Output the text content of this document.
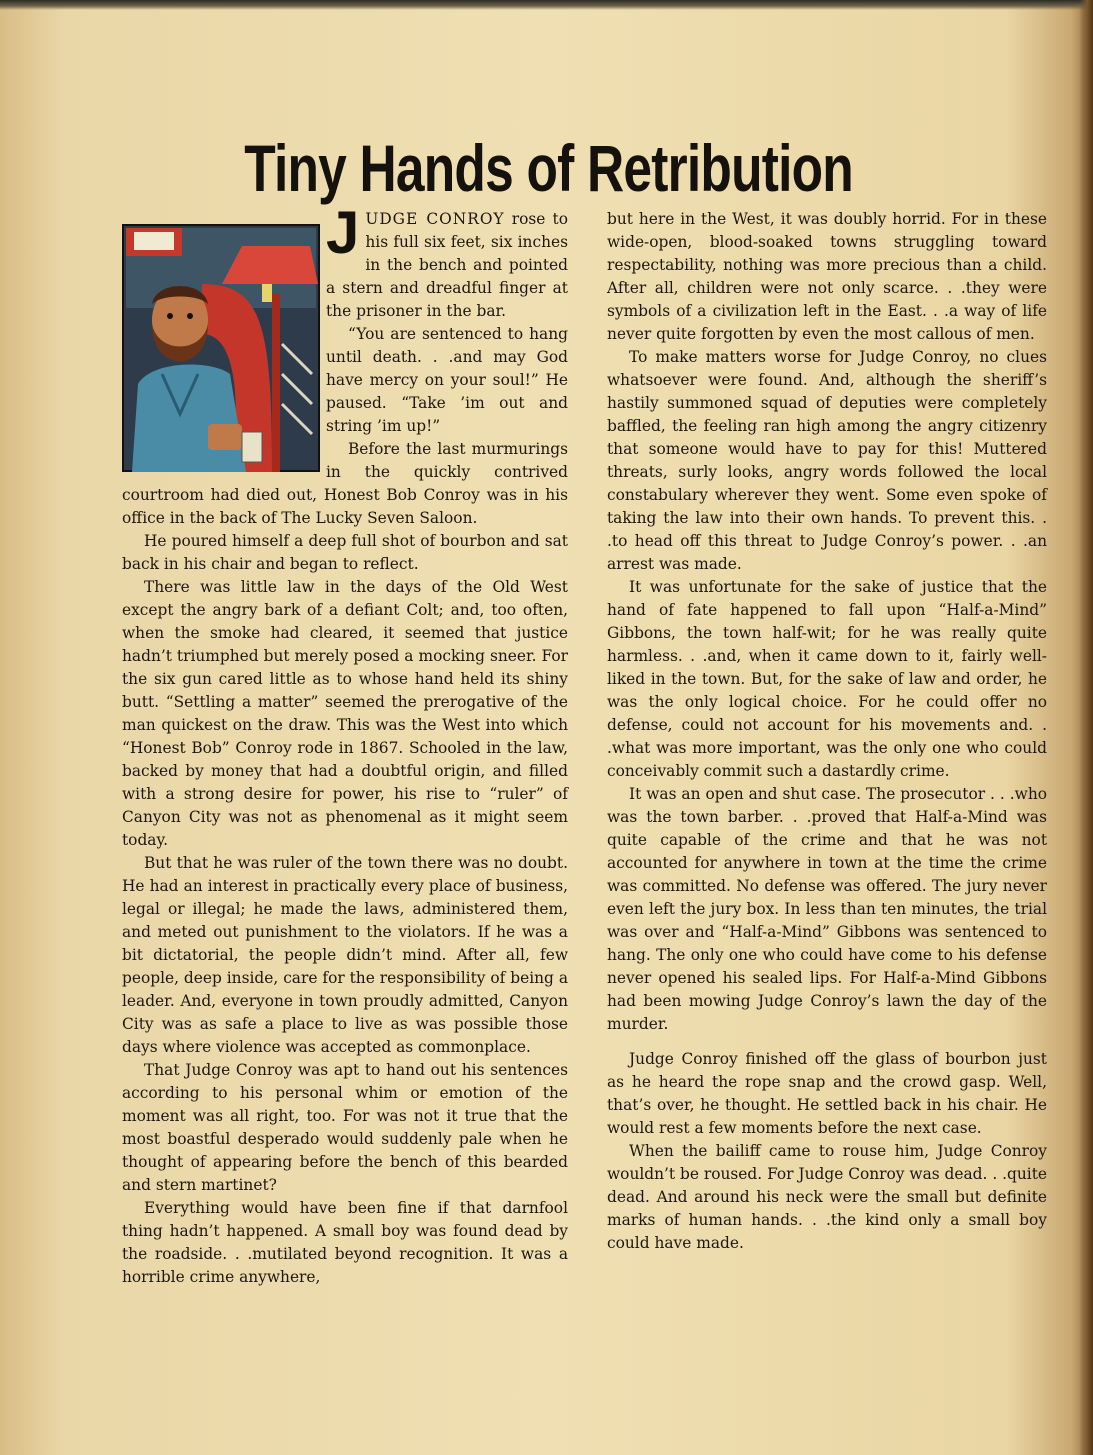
Tiny Hands of Retribution

JUDGE CONROY rose to his full six feet, six inches in the bench and pointed a stern and dreadful finger at the prisoner in the bar.

“You are sentenced to hang until death. . .and may God have mercy on your soul!” He paused. “Take ’im out and string ’im up!”

Before the last murmurings in the quickly contrived courtroom had died out, Honest Bob Conroy was in his office in the back of The Lucky Seven Saloon.

He poured himself a deep full shot of bourbon and sat back in his chair and began to reflect.

There was little law in the days of the Old West except the angry bark of a defiant Colt; and, too often, when the smoke had cleared, it seemed that justice hadn’t triumphed but merely posed a mocking sneer. For the six gun cared little as to whose hand held its shiny butt. “Settling a matter” seemed the prerogative of the man quickest on the draw. This was the West into which “Honest Bob” Conroy rode in 1867. Schooled in the law, backed by money that had a doubtful origin, and filled with a strong desire for power, his rise to “ruler” of Canyon City was not as phenomenal as it might seem today.

But that he was ruler of the town there was no doubt. He had an interest in practically every place of business, legal or illegal; he made the laws, administered them, and meted out punishment to the violators. If he was a bit dictatorial, the people didn’t mind. After all, few people, deep inside, care for the responsibility of being a leader. And, everyone in town proudly admitted, Canyon City was as safe a place to live as was possible those days where violence was accepted as commonplace.

That Judge Conroy was apt to hand out his sentences according to his personal whim or emotion of the moment was all right, too. For was not it true that the most boastful desperado would suddenly pale when he thought of appearing before the bench of this bearded and stern martinet?

Everything would have been fine if that darnfool thing hadn’t happened. A small boy was found dead by the roadside. . .mutilated beyond recognition. It was a horrible crime anywhere,

but here in the West, it was doubly horrid. For in these wide-open, blood-soaked towns struggling toward respectability, nothing was more precious than a child. After all, children were not only scarce. . .they were symbols of a civilization left in the East. . .a way of life never quite forgotten by even the most callous of men.

To make matters worse for Judge Conroy, no clues whatsoever were found. And, although the sheriff’s hastily summoned squad of deputies were completely baffled, the feeling ran high among the angry citizenry that someone would have to pay for this! Muttered threats, surly looks, angry words followed the local constabulary wherever they went. Some even spoke of taking the law into their own hands. To prevent this. . .to head off this threat to Judge Conroy’s power. . .an arrest was made.

It was unfortunate for the sake of justice that the hand of fate happened to fall upon “Half-a-Mind” Gibbons, the town half-wit; for he was really quite harmless. . .and, when it came down to it, fairly well-liked in the town. But, for the sake of law and order, he was the only logical choice. For he could offer no defense, could not account for his movements and. . .what was more important, was the only one who could conceivably commit such a dastardly crime.

It was an open and shut case. The prosecutor . . .who was the town barber. . .proved that Half-a-Mind was quite capable of the crime and that he was not accounted for anywhere in town at the time the crime was committed. No defense was offered. The jury never even left the jury box. In less than ten minutes, the trial was over and “Half-a-Mind” Gibbons was sentenced to hang. The only one who could have come to his defense never opened his sealed lips. For Half-a-Mind Gibbons had been mowing Judge Conroy’s lawn the day of the murder.

Judge Conroy finished off the glass of bourbon just as he heard the rope snap and the crowd gasp. Well, that’s over, he thought. He settled back in his chair. He would rest a few moments before the next case.

When the bailiff came to rouse him, Judge Conroy wouldn’t be roused. For Judge Conroy was dead. . .quite dead. And around his neck were the small but definite marks of human hands. . .the kind only a small boy could have made.
